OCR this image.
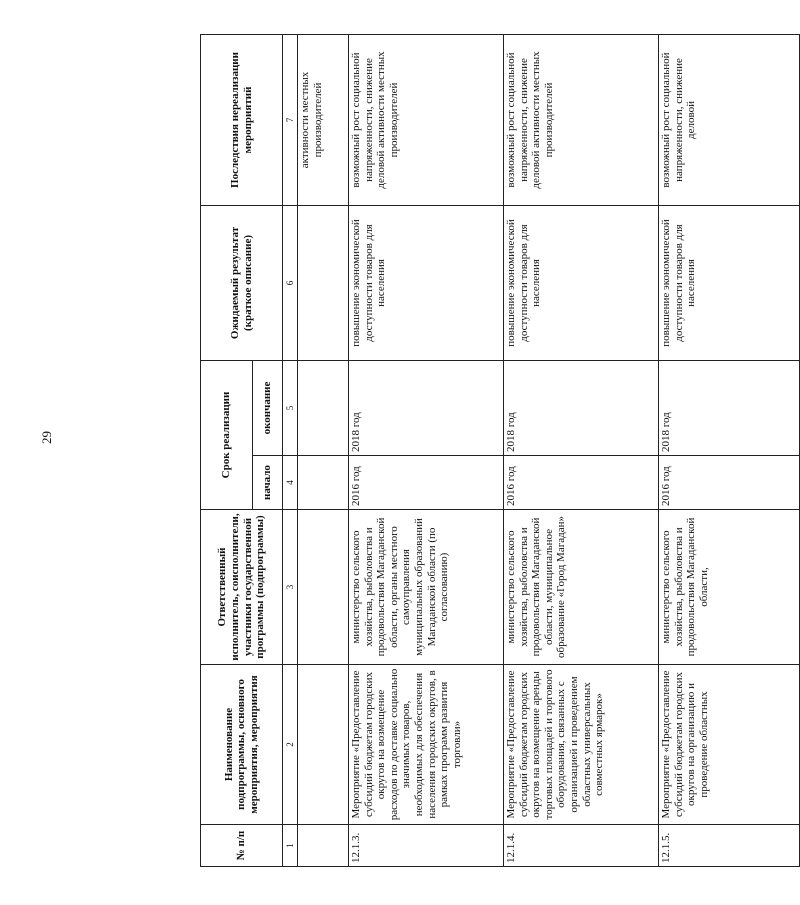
29
№ п/п	Наименование подпрограммы, основного мероприятия, мероприятия	Ответственный исполнитель, соисполнители, участники государственной программы (подпрограммы)	Срок реализации		Ожидаемый результат (краткое описание)	Последствия нереализации мероприятий
			начало	окончание		
1	2	3	4	5	6	7
						активности местных производителей
12.1.3.	Мероприятие «Предоставление субсидий бюджетам городских округов на возмещение расходов по доставке социально значимых товаров, необходимых для обеспечения населения городских округов, в рамках программ развития торговли»	министерство сельского хозяйства, рыболовства и продовольствия Магаданской области, органы местного самоуправления муниципальных образований Магаданской области (по согласованию)	2016 год	2018 год	повышение экономической доступности товаров для населения	возможный рост социальной напряженности, снижение деловой активности местных производителей
12.1.4.	Мероприятие «Предоставление субсидий бюджетам городских округов на возмещение аренды торговых площадей и торгового оборудования, связанных с организацией и проведением областных универсальных совместных ярмарок»	министерство сельского хозяйства, рыболовства и продовольствия Магаданской области, муниципальное образование «Город Магадан»	2016 год	2018 год	повышение экономической доступности товаров для населения	возможный рост социальной напряженности, снижение деловой активности местных производителей
12.1.5.	Мероприятие «Предоставление субсидий бюджетам городских округов на организацию и проведение областных	министерство сельского хозяйства, рыболовства и продовольствия Магаданской области,	2016 год	2018 год	повышение экономической доступности товаров для населения	возможный рост социальной напряженности, снижение деловой
